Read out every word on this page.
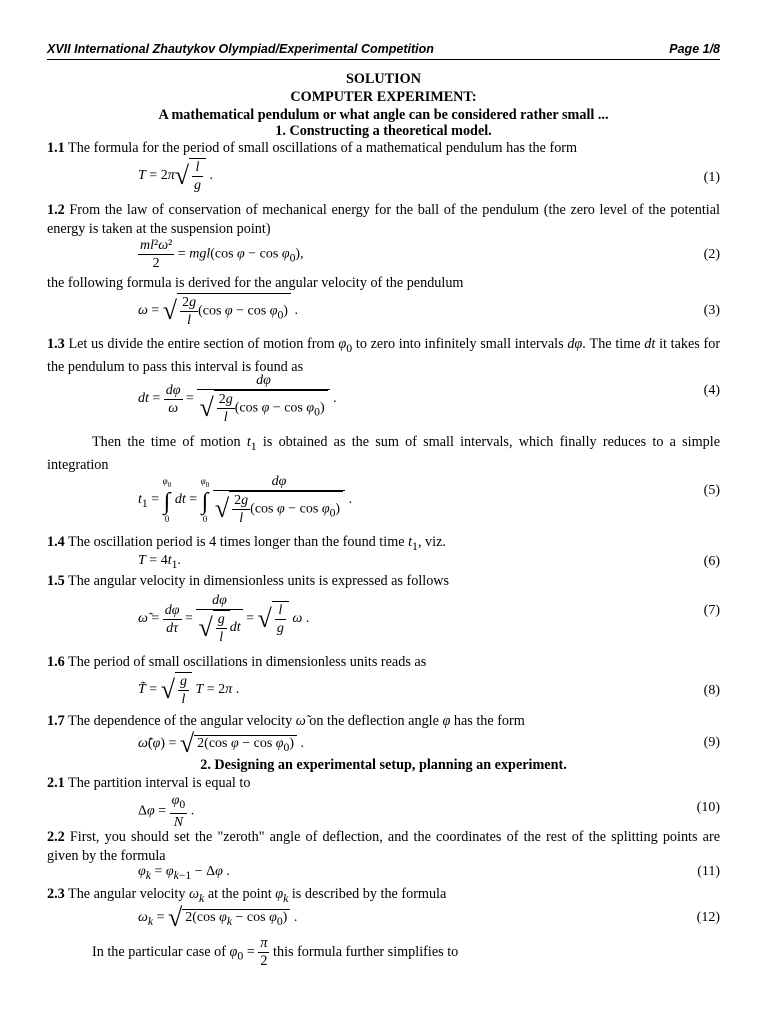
XVII International Zhautykov Olympiad/Experimental Competition	Page 1/8
SOLUTION
COMPUTER EXPERIMENT:
A mathematical pendulum or what angle can be considered rather small ...
1. Constructing a theoretical model.
1.1 The formula for the period of small oscillations of a mathematical pendulum has the form
$T = 2\pi√ \frac{l}{g}$ .	(1)
1.2 From the law of conservation of mechanical energy for the ball of the pendulum (the zero level of the potential energy is taken at the suspension point)
$\frac{\text{ml²ω²}}{2} = mgl(\cos$ $\varphi - \cos \varphi_0$),	(2)
the following formula is derived for the angular velocity of the pendulum
ω = √ $\frac{2g}{l} (\cos$ $\varphi - \cos \varphi_0$) .	(3)
1.3 Let us divide the entire section of motion from $\varphi_0$ to zero into infinitely small intervals dφ. The time dt it takes for the pendulum to pass this interval is found as
dt = $\frac{d\varphi}{\omega} = \frac{d\varphi}{√ \frac{2g}{l} (\cos \varphi - \cos \varphi_0)}$ .
(4)
Then the time of motion $t_1$ is obtained as the sum of small intervals, which finally reduces to a simple integration
$t_1 = \varphi_0$
∫
0 dt = $\varphi_0$
∫
$0 \frac{d\varphi}{√ \frac{2g}{l} (\cos \varphi - \cos \varphi_0)}$ .
(5)
1.4 The oscillation period is 4 times longer than the found time $t_1$, viz.
$T = 4t_1$.	(6)
1.5 The angular velocity in dimensionless units is expressed as follows
ω̃ = $\frac{d\varphi}{d\tau} = \frac{d\varphi}{√ \frac{g}{l} dt}$ = √ $\frac{l}{g}$ ω .
(7)
1.6 The period of small oscillations in dimensionless units reads as
T̃ = √ $\frac{g}{l}$ T = 2π .	(8)
1.7 The dependence of the angular velocity ω̃ on the deflection angle φ has the form
ω̃(φ) = √ 2(cos $\varphi - \cos \varphi_0$) .	(9)
2. Designing an experimental setup, planning an experiment.
2.1 The partition interval is equal to
$\Delta\varphi = \frac{\varphi_0}{N}$ .	(10)
2.2 First, you should set the "zeroth" angle of deflection, and the coordinates of the rest of the splitting points are given by the formula
$\varphi_k = \varphi_{k-1} - \Delta\varphi$ .	(11)
2.3 The angular velocity $\omega_k$ at the point $\varphi_k$ is described by the formula
$\omega_k$ = √ 2(cos $\varphi_k - \cos \varphi_0$) .	(12)
In the particular case of $\varphi_0 = \frac{\pi}{2}$ this formula further simplifies to
